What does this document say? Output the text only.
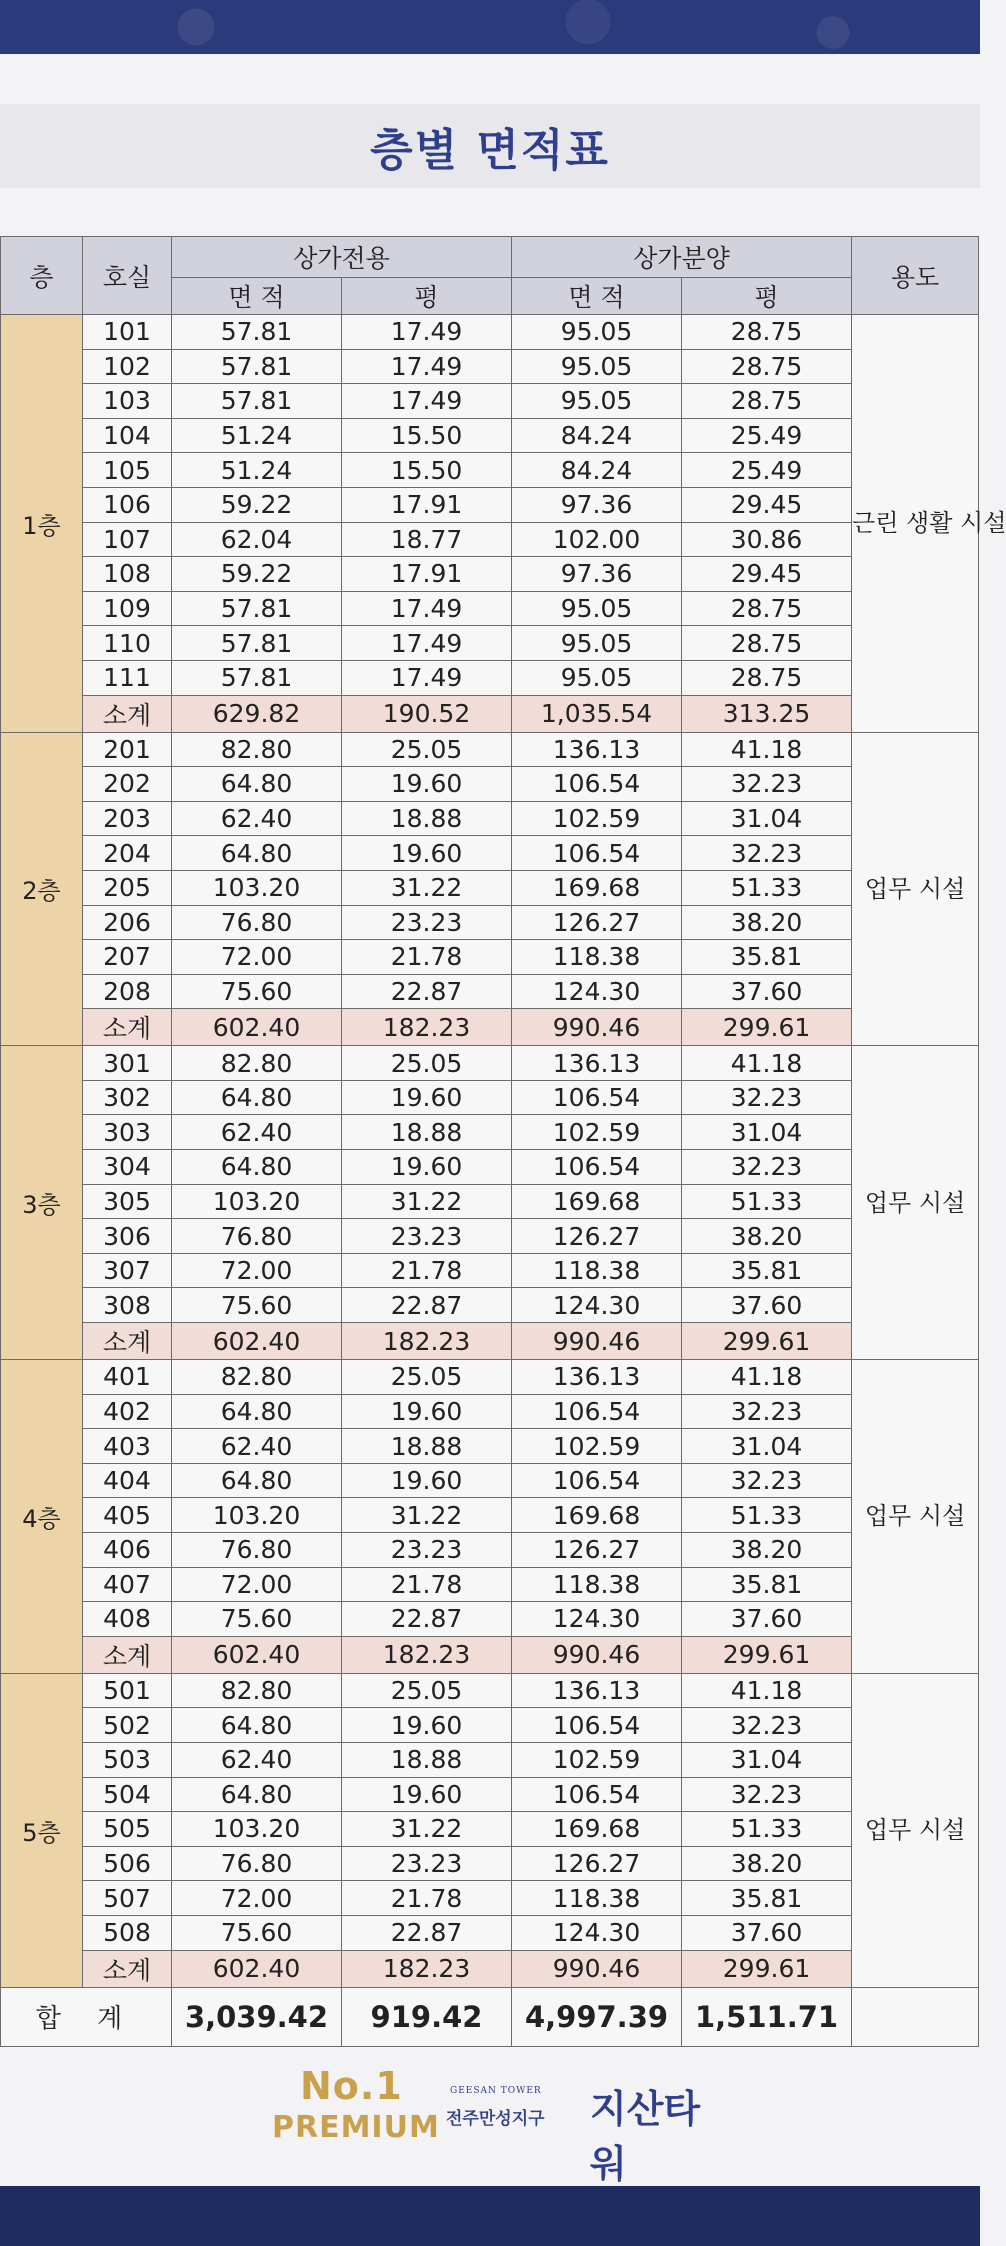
층별 면적표
층	호실	상가전용		상가분양		용도
		면 적	평	면 적	평	
1층	101	57.81	17.49	95.05	28.75	근린 생활 시설
	102	57.81	17.49	95.05	28.75	
	103	57.81	17.49	95.05	28.75	
	104	51.24	15.50	84.24	25.49	
	105	51.24	15.50	84.24	25.49	
	106	59.22	17.91	97.36	29.45	
	107	62.04	18.77	102.00	30.86	
	108	59.22	17.91	97.36	29.45	
	109	57.81	17.49	95.05	28.75	
	110	57.81	17.49	95.05	28.75	
	111	57.81	17.49	95.05	28.75	
	소계	629.82	190.52	1,035.54	313.25	
2층	201	82.80	25.05	136.13	41.18	업무 시설
	202	64.80	19.60	106.54	32.23	
	203	62.40	18.88	102.59	31.04	
	204	64.80	19.60	106.54	32.23	
	205	103.20	31.22	169.68	51.33	
	206	76.80	23.23	126.27	38.20	
	207	72.00	21.78	118.38	35.81	
	208	75.60	22.87	124.30	37.60	
	소계	602.40	182.23	990.46	299.61	
3층	301	82.80	25.05	136.13	41.18	업무 시설
	302	64.80	19.60	106.54	32.23	
	303	62.40	18.88	102.59	31.04	
	304	64.80	19.60	106.54	32.23	
	305	103.20	31.22	169.68	51.33	
	306	76.80	23.23	126.27	38.20	
	307	72.00	21.78	118.38	35.81	
	308	75.60	22.87	124.30	37.60	
	소계	602.40	182.23	990.46	299.61	
4층	401	82.80	25.05	136.13	41.18	업무 시설
	402	64.80	19.60	106.54	32.23	
	403	62.40	18.88	102.59	31.04	
	404	64.80	19.60	106.54	32.23	
	405	103.20	31.22	169.68	51.33	
	406	76.80	23.23	126.27	38.20	
	407	72.00	21.78	118.38	35.81	
	408	75.60	22.87	124.30	37.60	
	소계	602.40	182.23	990.46	299.61	
5층	501	82.80	25.05	136.13	41.18	업무 시설
	502	64.80	19.60	106.54	32.23	
	503	62.40	18.88	102.59	31.04	
	504	64.80	19.60	106.54	32.23	
	505	103.20	31.22	169.68	51.33	
	506	76.80	23.23	126.27	38.20	
	507	72.00	21.78	118.38	35.81	
	508	75.60	22.87	124.30	37.60	
	소계	602.40	182.23	990.46	299.61	
합 계		3,039.42	919.42	4,997.39	1,511.71	
No.1
PREMIUM
GEESAN TOWER
전주만성지구 지산타워
